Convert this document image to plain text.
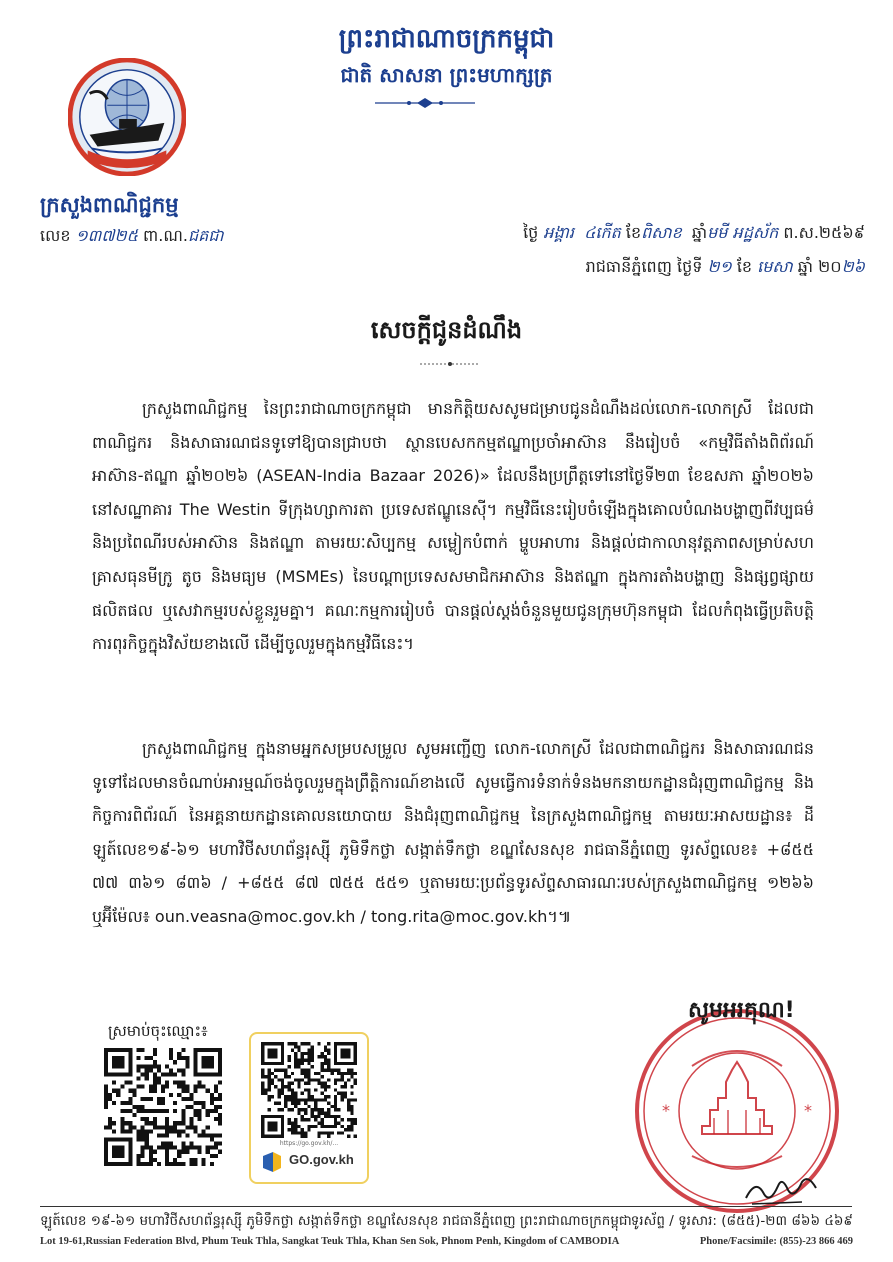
ព្រះរាជាណាចក្រកម្ពុជា
ជាតិ សាសនា ព្រះមហាក្សត្រ
ក្រសួងពាណិជ្ជកម្ម
លេខ ១៣៧២៥ ពា.ណ.ជគជា	ថ្ងៃ អង្គារ ៤កើត ខែពិសាខ ឆ្នាំមមី អដ្ឋស័ក ព.ស.២៥៦៩
រាជធានីភ្នំពេញ ថ្ងៃទី ២១ ខែ មេសា ឆ្នាំ ២០២៦
សេចក្តីជូនដំណឹង
ក្រសួងពាណិជ្ជកម្ម នៃព្រះរាជាណាចក្រកម្ពុជា មានកិត្តិយសសូមជម្រាបជូនដំណឹងដល់លោក-លោកស្រី ដែលជាពាណិជ្ជករ និងសាធារណជនទូទៅឱ្យបានជ្រាបថា ស្ថានបេសកកម្មឥណ្ឌាប្រចាំអាស៊ាន នឹងរៀបចំ «កម្មវិធីតាំងពិព័រណ៍អាស៊ាន-ឥណ្ឌា ឆ្នាំ២០២៦ (ASEAN-India Bazaar 2026)» ដែលនឹងប្រព្រឹត្តទៅនៅថ្ងៃទី២៣ ខែឧសភា ឆ្នាំ២០២៦ នៅសណ្ឋាគារ The Westin ទីក្រុងហ្សាការតា ប្រទេសឥណ្ឌូនេស៊ី។ កម្មវិធីនេះរៀបចំឡើងក្នុងគោលបំណងបង្ហាញពីវប្បធម៌ និងប្រពៃណីរបស់អាស៊ាន និងឥណ្ឌា តាមរយៈសិប្បកម្ម សម្លៀកបំពាក់ ម្ហូបអាហារ និងផ្តល់ជាកាលានុវត្តភាពសម្រាប់សហគ្រាសធុនមីក្រូ តូច និងមធ្យម (MSMEs) នៃបណ្តាប្រទេសសមាជិកអាស៊ាន និងឥណ្ឌា ក្នុងការតាំងបង្ហាញ និងផ្សព្វផ្សាយផលិតផល ឬសេវាកម្មរបស់ខ្លួនរួមគ្នា។ គណៈកម្មការរៀបចំ បានផ្តល់ស្តង់ចំនួនមួយជូនក្រុមហ៊ុនកម្ពុជា ដែលកំពុងធ្វើប្រតិបត្តិការពុរកិច្ចក្នុងវិស័យខាងលើ ដើម្បីចូលរួមក្នុងកម្មវិធីនេះ។
ក្រសួងពាណិជ្ជកម្ម ក្នុងនាមអ្នកសម្របសម្រួល សូមអញ្ជើញ លោក-លោកស្រី ដែលជាពាណិជ្ជករ និងសាធារណជនទូទៅដែលមានចំណាប់អារម្មណ៍ចង់ចូលរួមក្នុងព្រឹត្តិការណ៍ខាងលើ សូមធ្វើការទំនាក់ទំនងមកនាយកដ្ឋានជំរុញពាណិជ្ជកម្ម និងកិច្ចការពិព័រណ៍ នៃអគ្គនាយកដ្ឋានគោលនយោបាយ និងជំរុញពាណិជ្ជកម្ម នៃក្រសួងពាណិជ្ជកម្ម តាមរយៈអាសយដ្ឋាន៖ ដីឡូត៍លេខ១៩-៦១ មហាវិថីសហព័ន្ធរុស្ស៊ី ភូមិទឹកថ្លា សង្កាត់ទឹកថ្លា ខណ្ឌសែនសុខ រាជធានីភ្នំពេញ ទូរស័ព្ទលេខ៖ +៨៥៥ ៧៧ ៣៦១ ៨៣៦ / +៨៥៥ ៨៧ ៧៥៥ ៥៥១ ឬតាមរយៈប្រព័ន្ធទូរស័ព្ទសាធារណៈរបស់ក្រសួងពាណិជ្ជកម្ម ១២៦៦ ឬអ៊ីម៉ែល៖ oun.veasna@moc.gov.kh / tong.rita@moc.gov.kh។៕
ស្រមាប់ចុះឈ្មោះ៖
https://go.gov.kh/...
GO.gov.kh
*	*
សូមអរគុណ!
ឡូត៍លេខ ១៩-៦១ មហាវិថីសហព័ន្ធរុស្ស៊ី ភូមិទឹកថ្លា សង្កាត់ទឹកថ្លា ខណ្ឌសែនសុខ រាជធានីភ្នំពេញ ព្រះរាជាណាចក្រកម្ពុជា
ទូរស័ព្ទ / ទូរសារ: (៨៥៥)-២៣ ៨៦៦ ៤៦៩
Lot 19-61,Russian Federation Blvd, Phum Teuk Thla, Sangkat Teuk Thla, Khan Sen Sok, Phnom Penh, Kingdom of CAMBODIA	Phone/Facsimile: (855)-23 866 469
